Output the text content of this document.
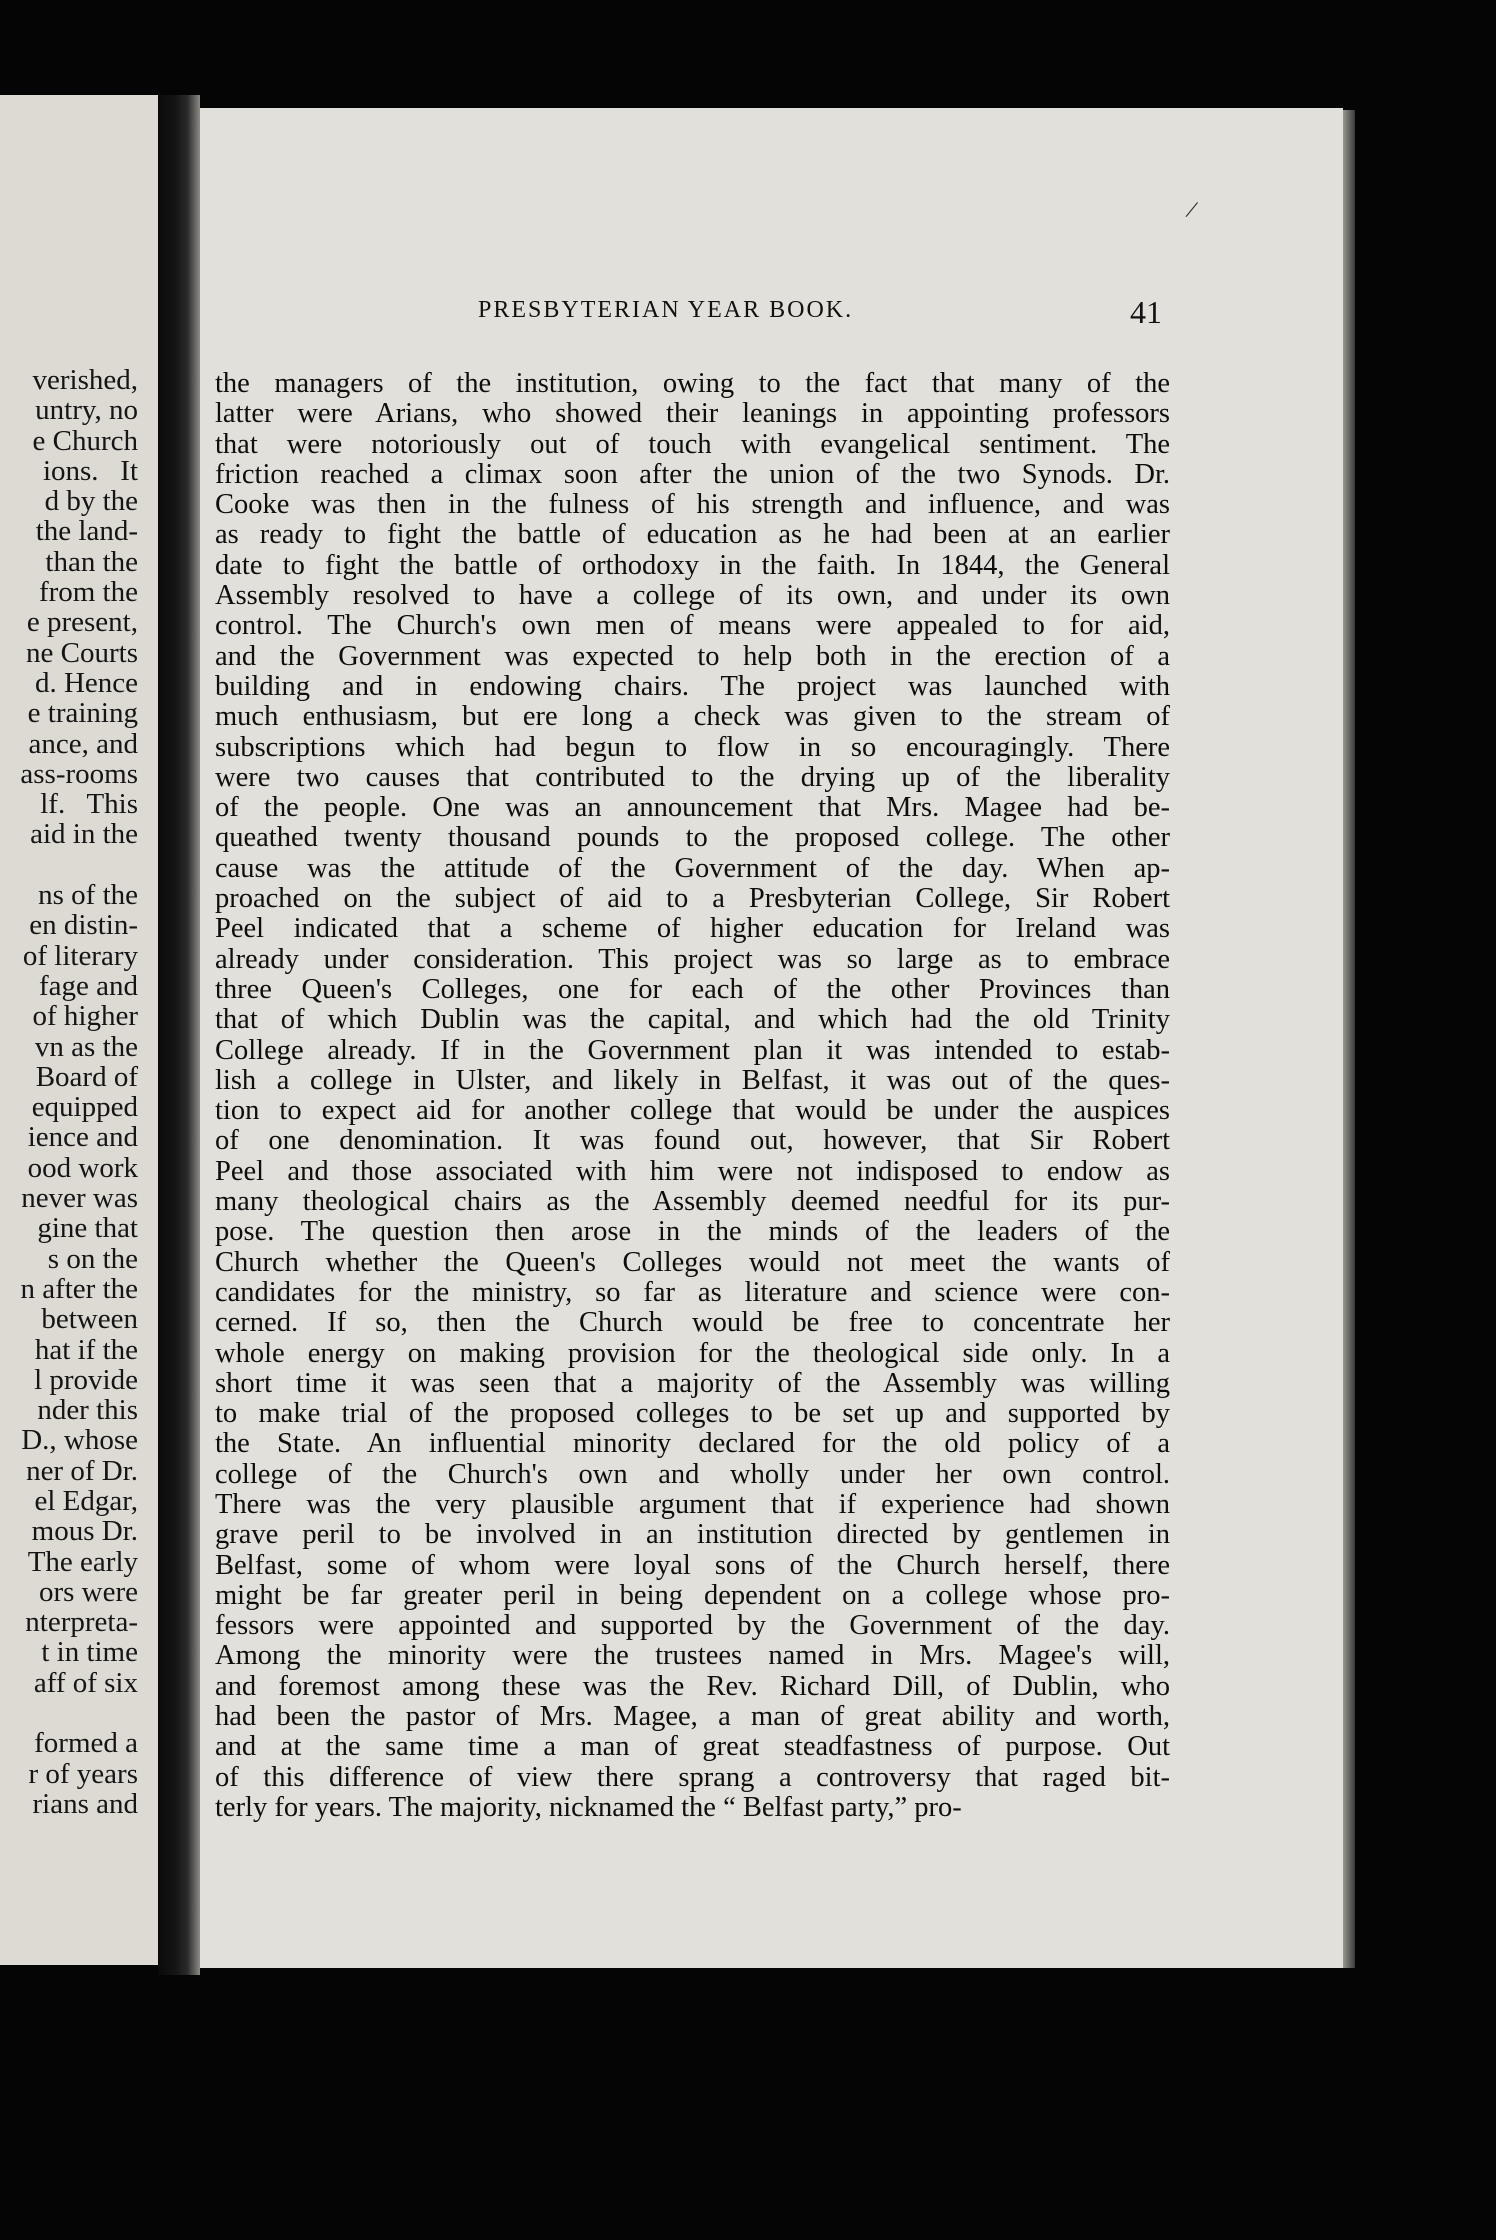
verished,
untry, no
e Church
ions.   It
d by the
the land-
than the
from the
e present,
ne Courts
d. Hence
e training
ance, and
ass-rooms
lf.   This
aid in the

ns of the
en distin-
of literary
fage and
of higher
vn as the
Board of
equipped
ience and
ood work
never was
gine that
s on the
n after the
between
hat if the
l provide
nder this
D., whose
ner of Dr.
el Edgar,
mous Dr.
The early
ors were
nterpreta-
t in time
aff of six

formed a
r of years
rians and
/
PRESBYTERIAN YEAR BOOK.	41
the managers of the institution, owing to the fact that many of the
latter were Arians, who showed their leanings in appointing professors
that were notoriously out of touch with evangelical sentiment. The
friction reached a climax soon after the union of the two Synods. Dr.
Cooke was then in the fulness of his strength and influence, and was
as ready to fight the battle of education as he had been at an earlier
date to fight the battle of orthodoxy in the faith. In 1844, the General
Assembly resolved to have a college of its own, and under its own
control. The Church's own men of means were appealed to for aid,
and the Government was expected to help both in the erection of a
building and in endowing chairs. The project was launched with
much enthusiasm, but ere long a check was given to the stream of
subscriptions which had begun to flow in so encouragingly. There
were two causes that contributed to the drying up of the liberality
of the people. One was an announcement that Mrs. Magee had be-
queathed twenty thousand pounds to the proposed college. The other
cause was the attitude of the Government of the day. When ap-
proached on the subject of aid to a Presbyterian College, Sir Robert
Peel indicated that a scheme of higher education for Ireland was
already under consideration. This project was so large as to embrace
three Queen's Colleges, one for each of the other Provinces than
that of which Dublin was the capital, and which had the old Trinity
College already. If in the Government plan it was intended to estab-
lish a college in Ulster, and likely in Belfast, it was out of the ques-
tion to expect aid for another college that would be under the auspices
of one denomination. It was found out, however, that Sir Robert
Peel and those associated with him were not indisposed to endow as
many theological chairs as the Assembly deemed needful for its pur-
pose. The question then arose in the minds of the leaders of the
Church whether the Queen's Colleges would not meet the wants of
candidates for the ministry, so far as literature and science were con-
cerned. If so, then the Church would be free to concentrate her
whole energy on making provision for the theological side only. In a
short time it was seen that a majority of the Assembly was willing
to make trial of the proposed colleges to be set up and supported by
the State. An influential minority declared for the old policy of a
college of the Church's own and wholly under her own control.
There was the very plausible argument that if experience had shown
grave peril to be involved in an institution directed by gentlemen in
Belfast, some of whom were loyal sons of the Church herself, there
might be far greater peril in being dependent on a college whose pro-
fessors were appointed and supported by the Government of the day.
Among the minority were the trustees named in Mrs. Magee's will,
and foremost among these was the Rev. Richard Dill, of Dublin, who
had been the pastor of Mrs. Magee, a man of great ability and worth,
and at the same time a man of great steadfastness of purpose. Out
of this difference of view there sprang a controversy that raged bit-
terly for years. The majority, nicknamed the “ Belfast party,” pro-
